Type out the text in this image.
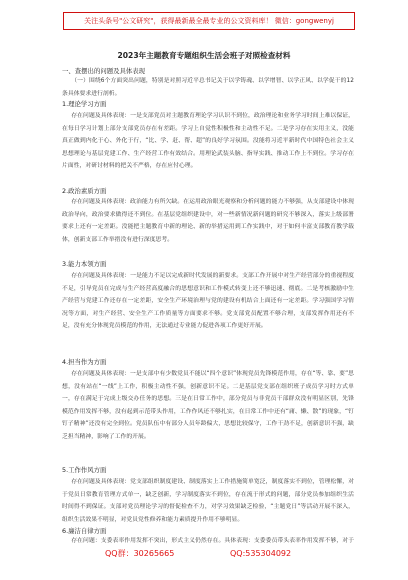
关注头条号"公文研究"，获得最新最全最专业的公文资料库！ 微信：gongwenyj
2023年主题教育专题组织生活会班子对照检查材料
一、查摆出的问题及具体表现
（一）围绕6个方面突出问题，特别是对照习近平总书记关于以学铸魂、以学增智、以学正风、以学促干的12条具体要求进行剖析。
1.理论学习方面
存在问题及具体表现：一是支部党员对主题教育理论学习认识不到位，政治理论和业务学习时间上难以保证，在每日学习计划上部分支部党员存在有差距。学习上自觉性积极性和主动性不足。二是学习存在实用主义，没能真正做到内化于心、外化于行，“比、学、赶、帮、超”的良好学习氛围。没能将习近平新时代中国特色社会主义思想理论与基层党建工作、生产经营工作有效结合。用理论武装头脑、指导实践、推动工作上不到位。学习存在片面性，对研讨材料的把关不严格，存在应付心理。
2.政治素质方面
存在问题及具体表现：政治能力有所欠缺。在运用政治眼光观察和分析问题的能力不够强，从支部建设中体现政治导向，政治要求做得还不到位。在基层党组织建设中，对一些新情况新问题的研究不够深入，落实上级部署要求上还有一定差距。没能把主题教育中新的理论、新的举措运用到工作实践中，对于如何丰富支部教育教学载体，创新支部工作举措没有进行深度思考。
3.能力本领方面
存在问题及具体表现：一是能力不足以完成新时代发展的新要求。支部工作开展中对生产经营部分的重视程度不足，引导党员在完成与生产经营高度融合的思想意识和工作模式转变上还不够迅速、彻底。二是考核激励中生产经营与党建工作还存在一定差距，安全生产环境治理与党的建设有机结合上面还有一定差距。学习强国学习情况等方面，对生产经营、安全生产工作质量等方面要求不够。党支部党员配置不够合理，支部发挥作用还有不足，没有充分体现党员模范的作用，无法通过专业能力促进各项工作更好开展。
4.担当作为方面
存在问题及具体表现：一是支部中有少数党员不能以“四个意识”体现党员先锋模范作用，存在“等、靠、要”思想，没有站在“一线”上工作，积极主动性不强，创新意识不足。二是基层党支部在组织班子成员学习时方式单一，存在满足于完成上级交办任务的思想。三是在日常工作中，部分党员与非党员干部群众没有明显区别，先锋模范作用发挥不够，没有起到示范带头作用，工作作风还不够扎实，在日常工作中还有“庸、懒、散”的现象，“钉钉子精神”还没有完全到位。党员队伍中有部分人员年龄偏大，思想比较保守，工作干劲不足，创新意识不强，缺乏担当精神，影响了工作的开展。
5.工作作风方面
存在问题及具体表现：党支部组织制度建设、制度落实上工作措施简单宽泛，制度落实不到位，管理松懈，对于党员日常教育管理方式单一，缺乏创新，学习制度落实不到位，存在流于形式的问题，部分党员参加组织生活时间得不到保证。支部对党员理论学习的督促检查不力，对学习效果缺乏检验，“主题党日”等活动开展不深入，组织生活效果不明显，对党员党性修养和能力素质提升作用不够明显。
6.廉洁自律方面
存在问题：支委表率作用发挥不突出，形式主义仍然存在。具体表现：支委委员带头表率作用发挥不够，对于
QQ群：30265665	QQ:535304092
